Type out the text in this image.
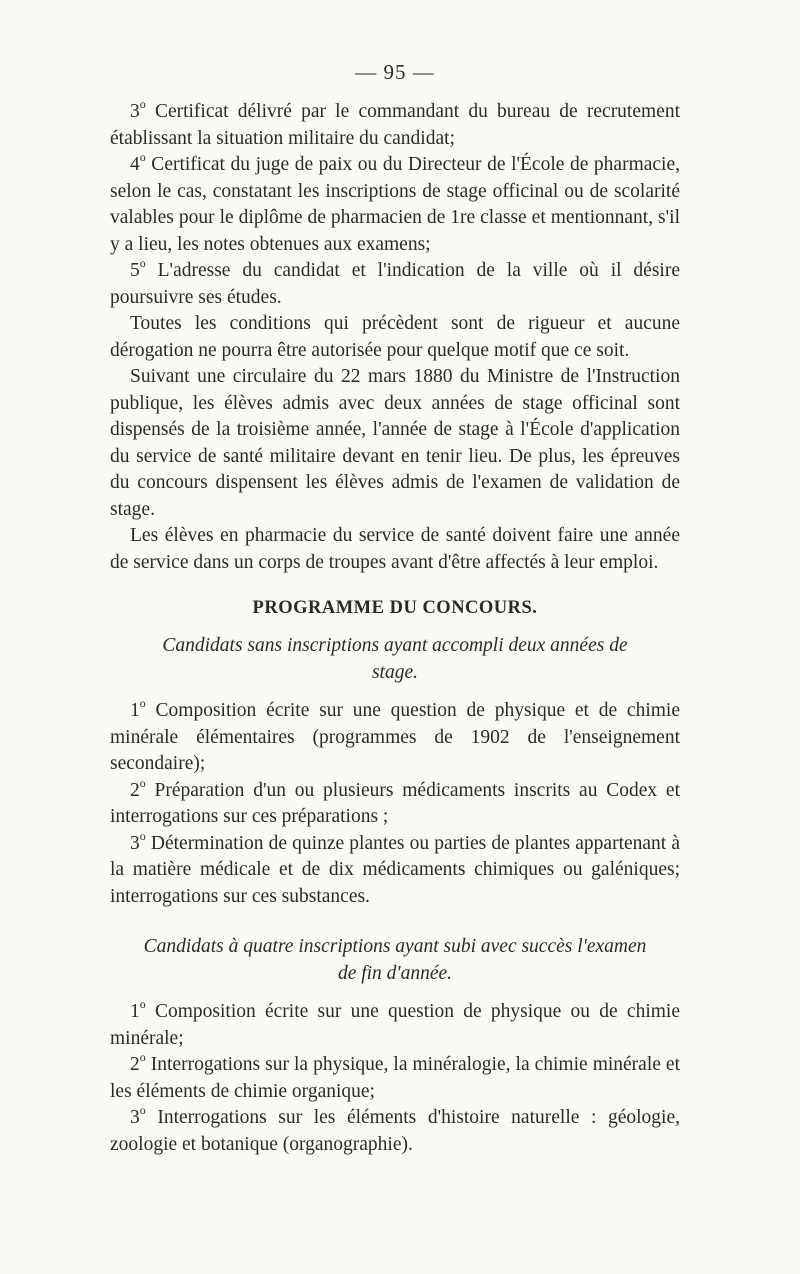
— 95 —

3$^o$ Certificat délivré par le commandant du bureau de recrutement établissant la situation militaire du candidat;

4$^o$ Certificat du juge de paix ou du Directeur de l'École de pharmacie, selon le cas, constatant les inscriptions de stage officinal ou de scolarité valables pour le diplôme de pharmacien de 1re classe et mentionnant, s'il y a lieu, les notes obtenues aux examens;

5$^o$ L'adresse du candidat et l'indication de la ville où il désire poursuivre ses études.

Toutes les conditions qui précèdent sont de rigueur et aucune dérogation ne pourra être autorisée pour quelque motif que ce soit.

Suivant une circulaire du 22 mars 1880 du Ministre de l'Instruction publique, les élèves admis avec deux années de stage officinal sont dispensés de la troisième année, l'année de stage à l'École d'application du service de santé militaire devant en tenir lieu. De plus, les épreuves du concours dispensent les élèves admis de l'examen de validation de stage.

Les élèves en pharmacie du service de santé doivent faire une année de service dans un corps de troupes avant d'être affectés à leur emploi.

PROGRAMME DU CONCOURS.
Candidats sans inscriptions ayant accompli deux années de stage.

1$^o$ Composition écrite sur une question de physique et de chimie minérale élémentaires (programmes de 1902 de l'enseignement secondaire);

2$^o$ Préparation d'un ou plusieurs médicaments inscrits au Codex et interrogations sur ces préparations ;

3$^o$ Détermination de quinze plantes ou parties de plantes appartenant à la matière médicale et de dix médicaments chimiques ou galéniques; interrogations sur ces substances.

Candidats à quatre inscriptions ayant subi avec succès l'examen de fin d'année.

1$^o$ Composition écrite sur une question de physique ou de chimie minérale;

2$^o$ Interrogations sur la physique, la minéralogie, la chimie minérale et les éléments de chimie organique;

3$^o$ Interrogations sur les éléments d'histoire naturelle : géologie, zoologie et botanique (organographie).
